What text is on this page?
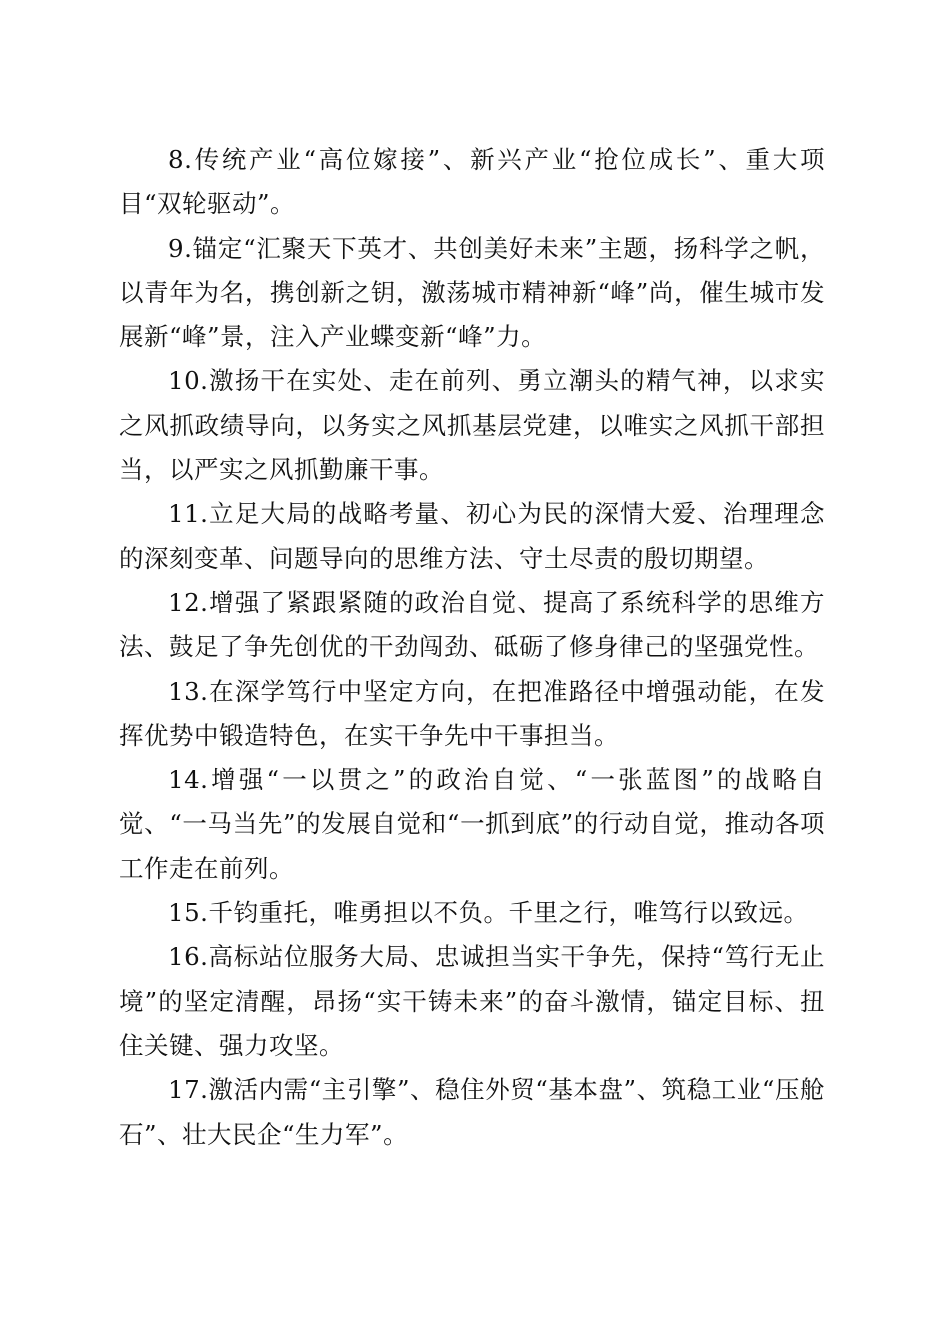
8.传统产业“高位嫁接”、新兴产业“抢位成长”、重大项目“双轮驱动”。

9.锚定“汇聚天下英才、共创美好未来”主题，扬科学之帆，以青年为名，携创新之钥，激荡城市精神新“峰”尚，催生城市发展新“峰”景，注入产业蝶变新“峰”力。

10.激扬干在实处、走在前列、勇立潮头的精气神，以求实之风抓政绩导向，以务实之风抓基层党建，以唯实之风抓干部担当，以严实之风抓勤廉干事。

11.立足大局的战略考量、初心为民的深情大爱、治理理念的深刻变革、问题导向的思维方法、守土尽责的殷切期望。

12.增强了紧跟紧随的政治自觉、提高了系统科学的思维方法、鼓足了争先创优的干劲闯劲、砥砺了修身律己的坚强党性。

13.在深学笃行中坚定方向，在把准路径中增强动能，在发挥优势中锻造特色，在实干争先中干事担当。

14.增强“一以贯之”的政治自觉、“一张蓝图”的战略自觉、“一马当先”的发展自觉和“一抓到底”的行动自觉，推动各项工作走在前列。

15.千钧重托，唯勇担以不负。千里之行，唯笃行以致远。

16.高标站位服务大局、忠诚担当实干争先，保持“笃行无止境”的坚定清醒，昂扬“实干铸未来”的奋斗激情，锚定目标、扭住关键、强力攻坚。

17.激活内需“主引擎”、稳住外贸“基本盘”、筑稳工业“压舱石”、壮大民企“生力军”。
